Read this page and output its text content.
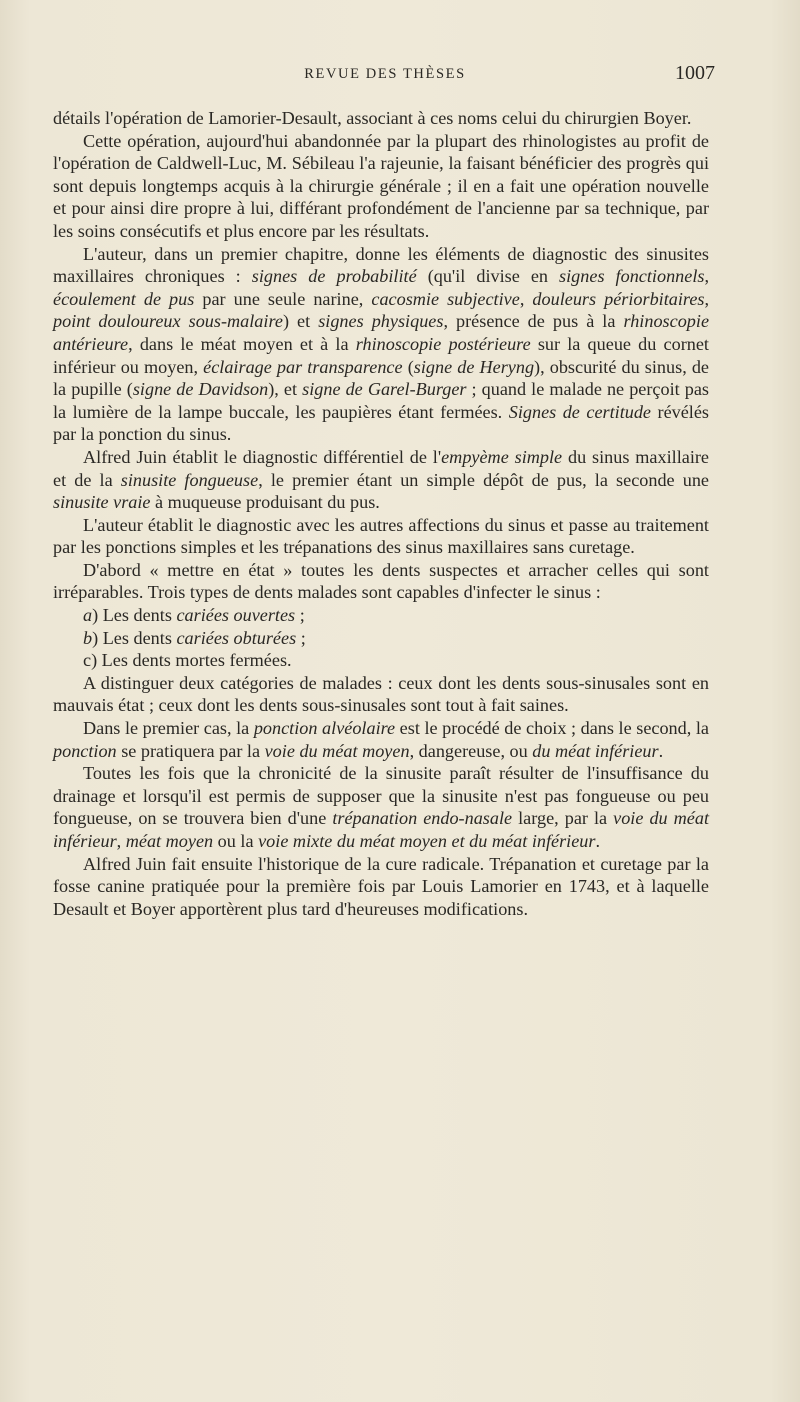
REVUE DES THÈSES	1007

détails l'opération de Lamorier-Desault, associant à ces noms celui du chirurgien Boyer.

Cette opération, aujourd'hui abandonnée par la plupart des rhinologistes au profit de l'opération de Caldwell-Luc, M. Sébileau l'a rajeunie, la faisant bénéficier des progrès qui sont depuis longtemps acquis à la chirurgie générale ; il en a fait une opération nouvelle et pour ainsi dire propre à lui, différant profondément de l'ancienne par sa technique, par les soins consécutifs et plus encore par les résultats.

L'auteur, dans un premier chapitre, donne les éléments de diagnostic des sinusites maxillaires chroniques : signes de probabilité (qu'il divise en signes fonctionnels, écoulement de pus par une seule narine, cacosmie subjective, douleurs périorbitaires, point douloureux sous-malaire) et signes physiques, présence de pus à la rhinoscopie antérieure, dans le méat moyen et à la rhinoscopie postérieure sur la queue du cornet inférieur ou moyen, éclairage par transparence (signe de Heryng), obscurité du sinus, de la pupille (signe de Davidson), et signe de Garel-Burger ; quand le malade ne perçoit pas la lumière de la lampe buccale, les paupières étant fermées. Signes de certitude révélés par la ponction du sinus.

Alfred Juin établit le diagnostic différentiel de l'empyème simple du sinus maxillaire et de la sinusite fongueuse, le premier étant un simple dépôt de pus, la seconde une sinusite vraie à muqueuse produisant du pus.

L'auteur établit le diagnostic avec les autres affections du sinus et passe au traitement par les ponctions simples et les trépanations des sinus maxillaires sans curetage.

D'abord « mettre en état » toutes les dents suspectes et arracher celles qui sont irréparables. Trois types de dents malades sont capables d'infecter le sinus :

a) Les dents cariées ouvertes ;

b) Les dents cariées obturées ;

c) Les dents mortes fermées.

A distinguer deux catégories de malades : ceux dont les dents sous-sinusales sont en mauvais état ; ceux dont les dents sous-sinusales sont tout à fait saines.

Dans le premier cas, la ponction alvéolaire est le procédé de choix ; dans le second, la ponction se pratiquera par la voie du méat moyen, dangereuse, ou du méat inférieur.

Toutes les fois que la chronicité de la sinusite paraît résulter de l'insuffisance du drainage et lorsqu'il est permis de supposer que la sinusite n'est pas fongueuse ou peu fongueuse, on se trouvera bien d'une trépanation endo-nasale large, par la voie du méat inférieur, méat moyen ou la voie mixte du méat moyen et du méat inférieur.

Alfred Juin fait ensuite l'historique de la cure radicale. Trépanation et curetage par la fosse canine pratiquée pour la première fois par Louis Lamorier en 1743, et à laquelle Desault et Boyer apportèrent plus tard d'heureuses modifications.
